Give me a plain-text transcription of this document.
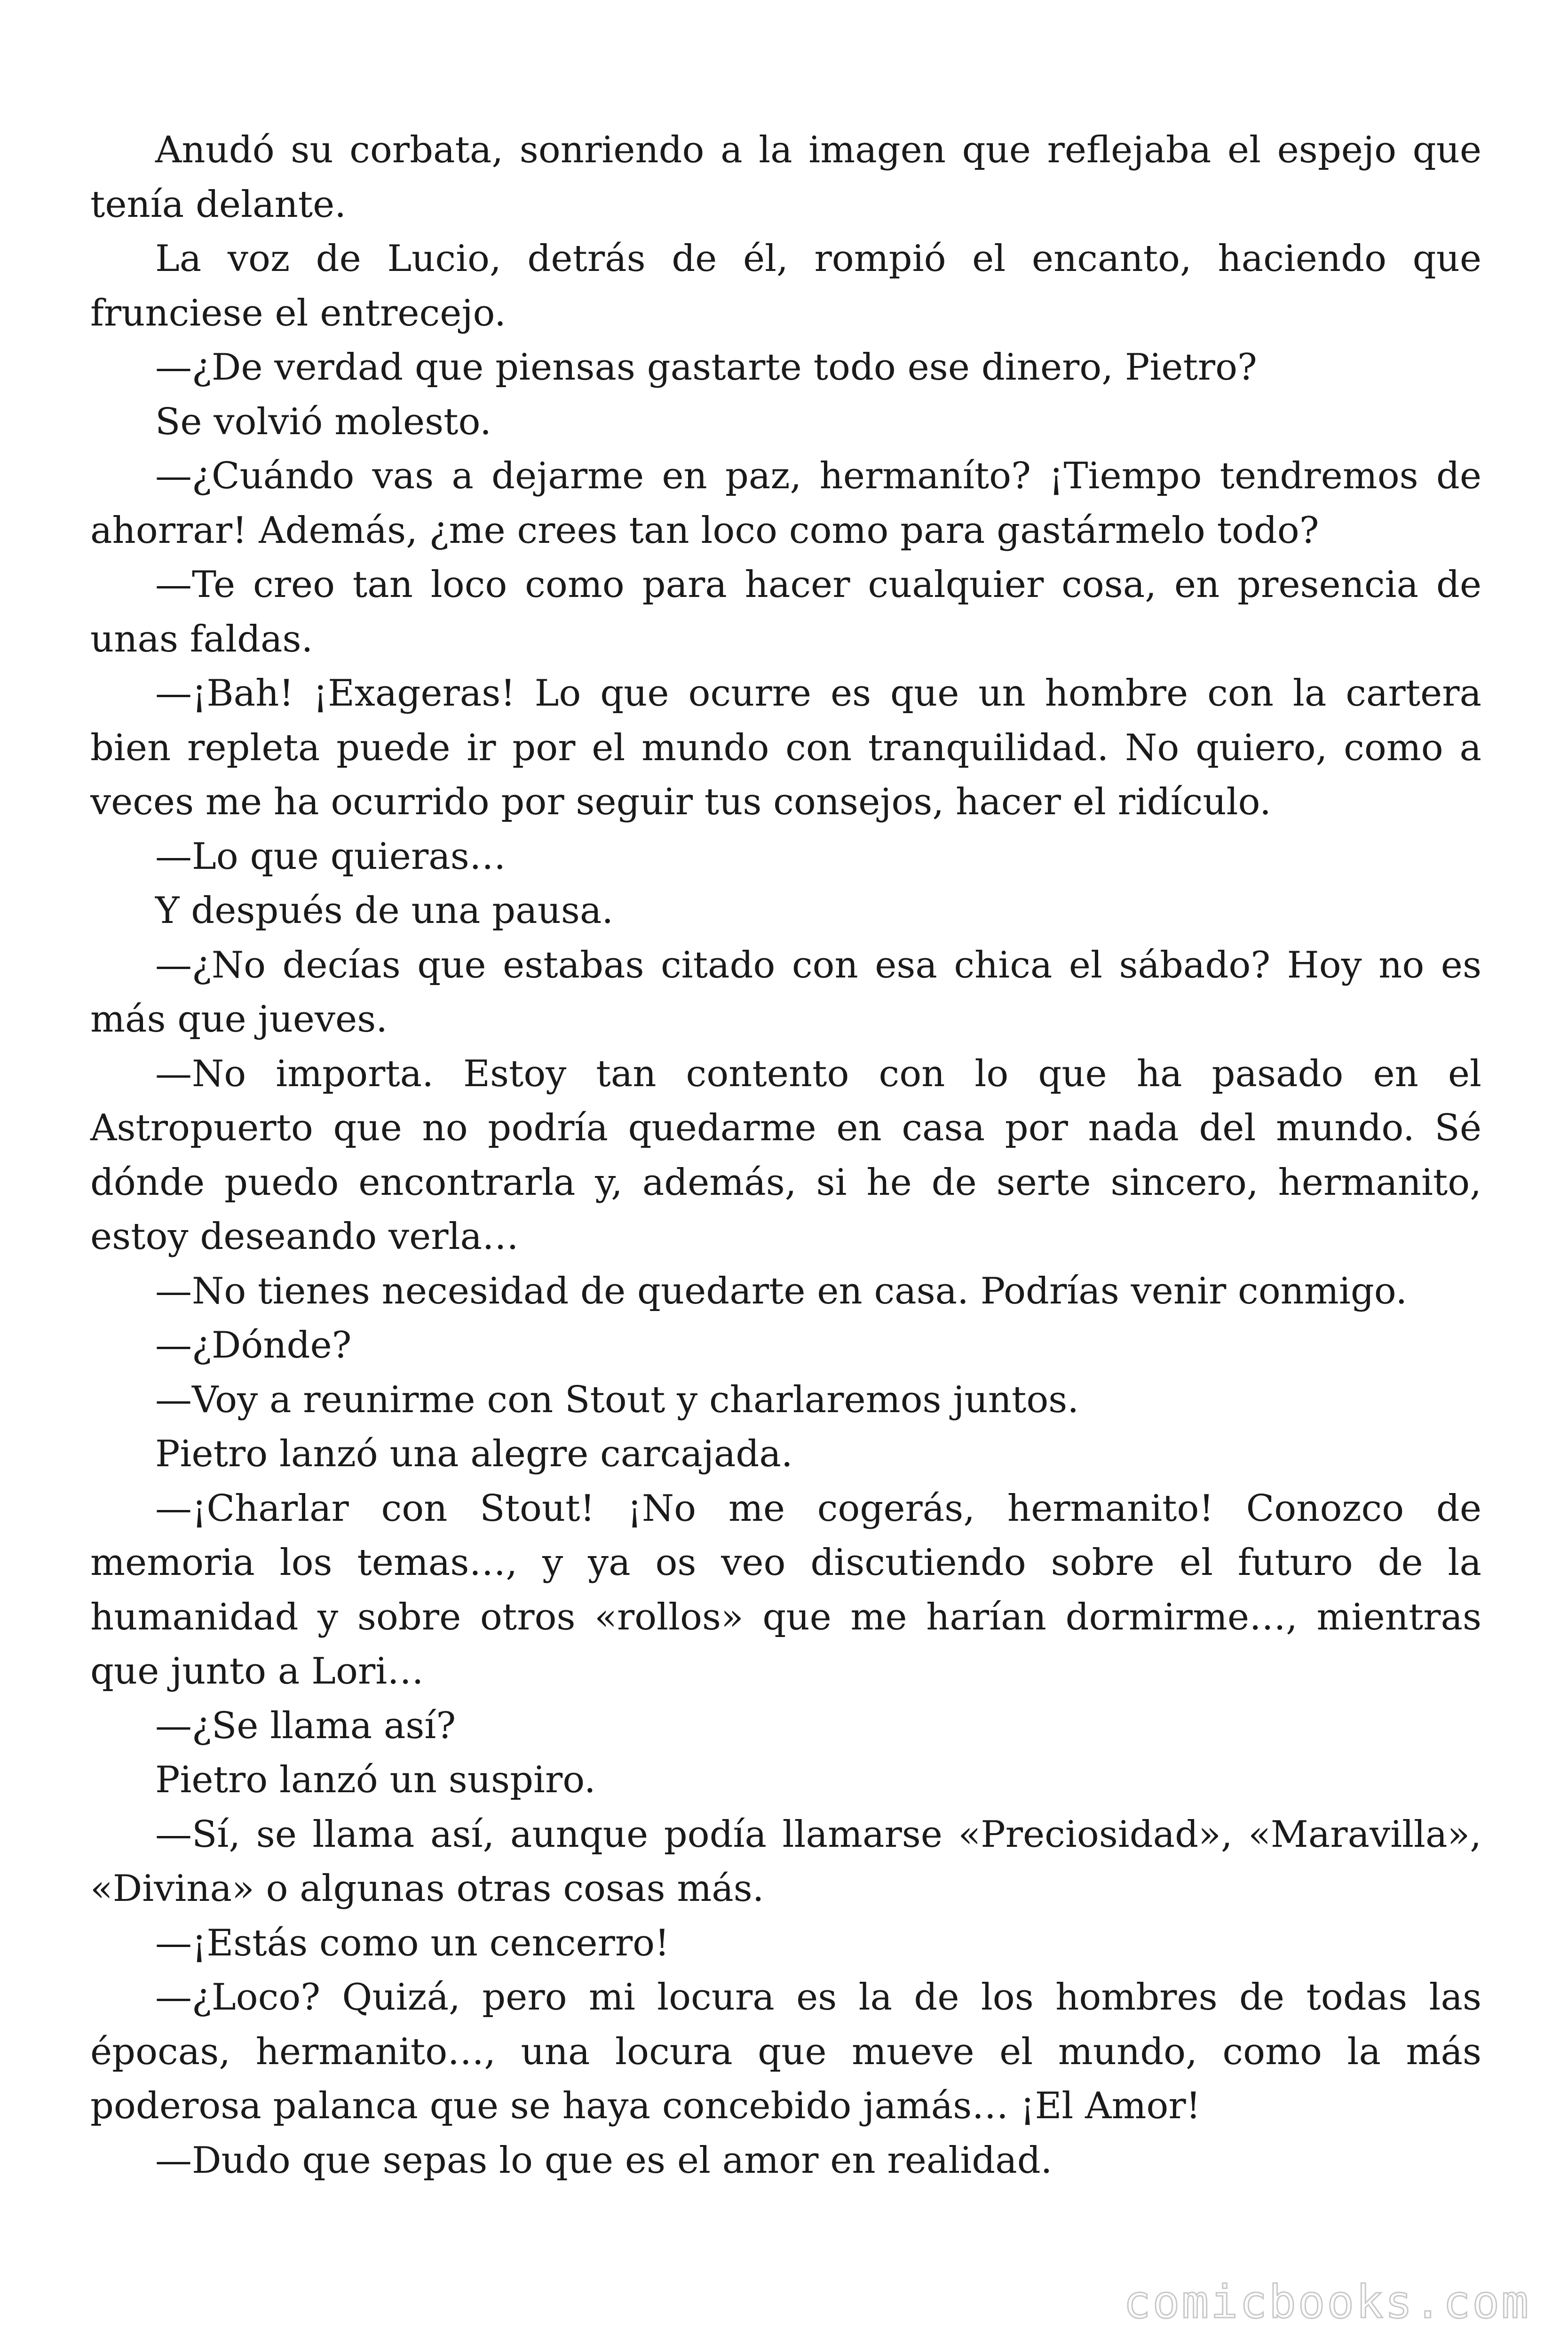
Anudó su corbata, sonriendo a la imagen que reflejaba el espejo que tenía delante.

La voz de Lucio, detrás de él, rompió el encanto, haciendo que frunciese el entrecejo.

—¿De verdad que piensas gastarte todo ese dinero, Pietro?

Se volvió molesto.

—¿Cuándo vas a dejarme en paz, hermaníto? ¡Tiempo tendremos de ahorrar! Además, ¿me crees tan loco como para gastármelo todo?

—Te creo tan loco como para hacer cualquier cosa, en presencia de unas faldas.

—¡Bah! ¡Exageras! Lo que ocurre es que un hombre con la cartera bien repleta puede ir por el mundo con tranquilidad. No quiero, como a veces me ha ocurrido por seguir tus consejos, hacer el ridículo.

—Lo que quieras…

Y después de una pausa.

—¿No decías que estabas citado con esa chica el sábado? Hoy no es más que jueves.

—No importa. Estoy tan contento con lo que ha pasado en el Astropuerto que no podría quedarme en casa por nada del mundo. Sé dónde puedo encontrarla y, además, si he de serte sincero, hermanito, estoy deseando verla…

—No tienes necesidad de quedarte en casa. Podrías venir conmigo.

—¿Dónde?

—Voy a reunirme con Stout y charlaremos juntos.

Pietro lanzó una alegre carcajada.

—¡Charlar con Stout! ¡No me cogerás, hermanito! Conozco de memoria los temas…, y ya os veo discutiendo sobre el futuro de la humanidad y sobre otros «rollos» que me harían dormirme…, mientras que junto a Lori…

—¿Se llama así?

Pietro lanzó un suspiro.

—Sí, se llama así, aunque podía llamarse «Preciosidad», «Maravilla», «Divina» o algunas otras cosas más.

—¡Estás como un cencerro!

—¿Loco? Quizá, pero mi locura es la de los hombres de todas las épocas, hermanito…, una locura que mueve el mundo, como la más poderosa palanca que se haya concebido jamás… ¡El Amor!

—Dudo que sepas lo que es el amor en realidad.

comicbooks.com
